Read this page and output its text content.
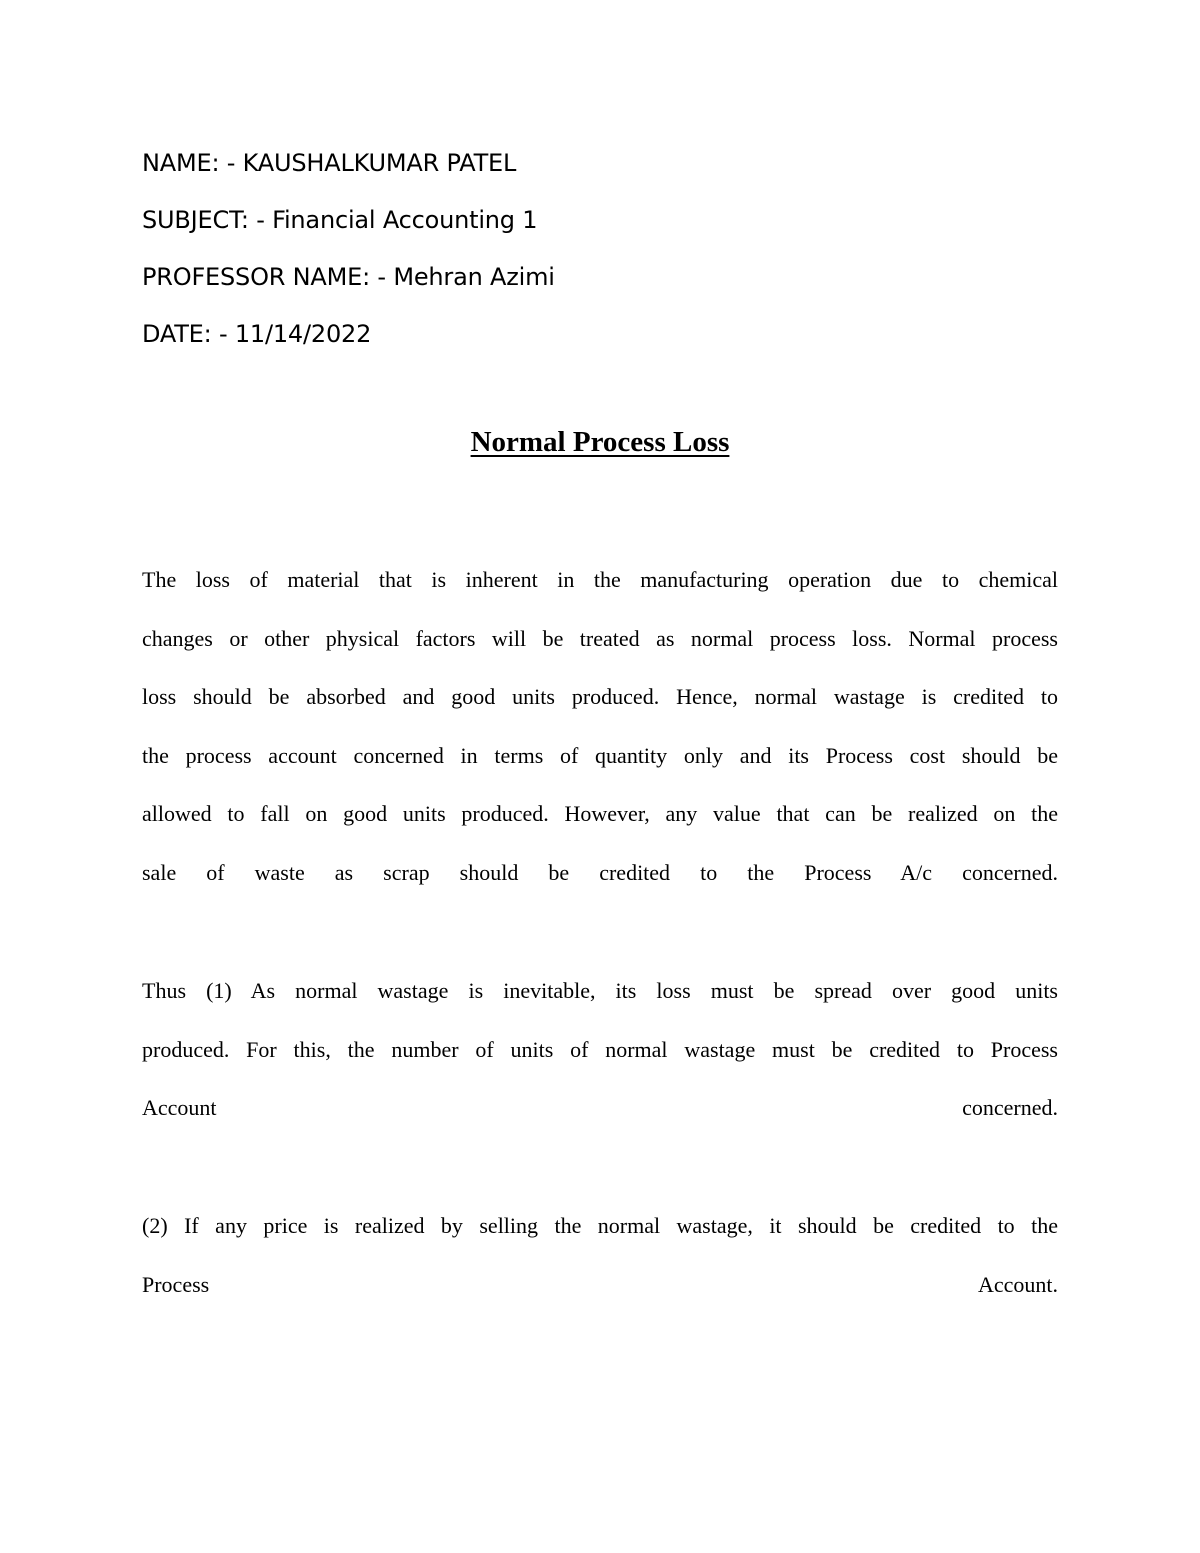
NAME: - KAUSHALKUMAR PATEL
SUBJECT: - Financial Accounting 1
PROFESSOR NAME: - Mehran Azimi
DATE: - 11/14/2022
Normal Process Loss
The loss of material that is inherent in the manufacturing operation due to chemical
changes or other physical factors will be treated as normal process loss. Normal process
loss should be absorbed and good units produced. Hence, normal wastage is credited to
the process account concerned in terms of quantity only and its Process cost should be
allowed to fall on good units produced. However, any value that can be realized on the
sale of waste as scrap should be credited to the Process A/c concerned.
Thus (1) As normal wastage is inevitable, its loss must be spread over good units
produced. For this, the number of units of normal wastage must be credited to Process
Account	concerned.
(2) If any price is realized by selling the normal wastage, it should be credited to the
Process	Account.
